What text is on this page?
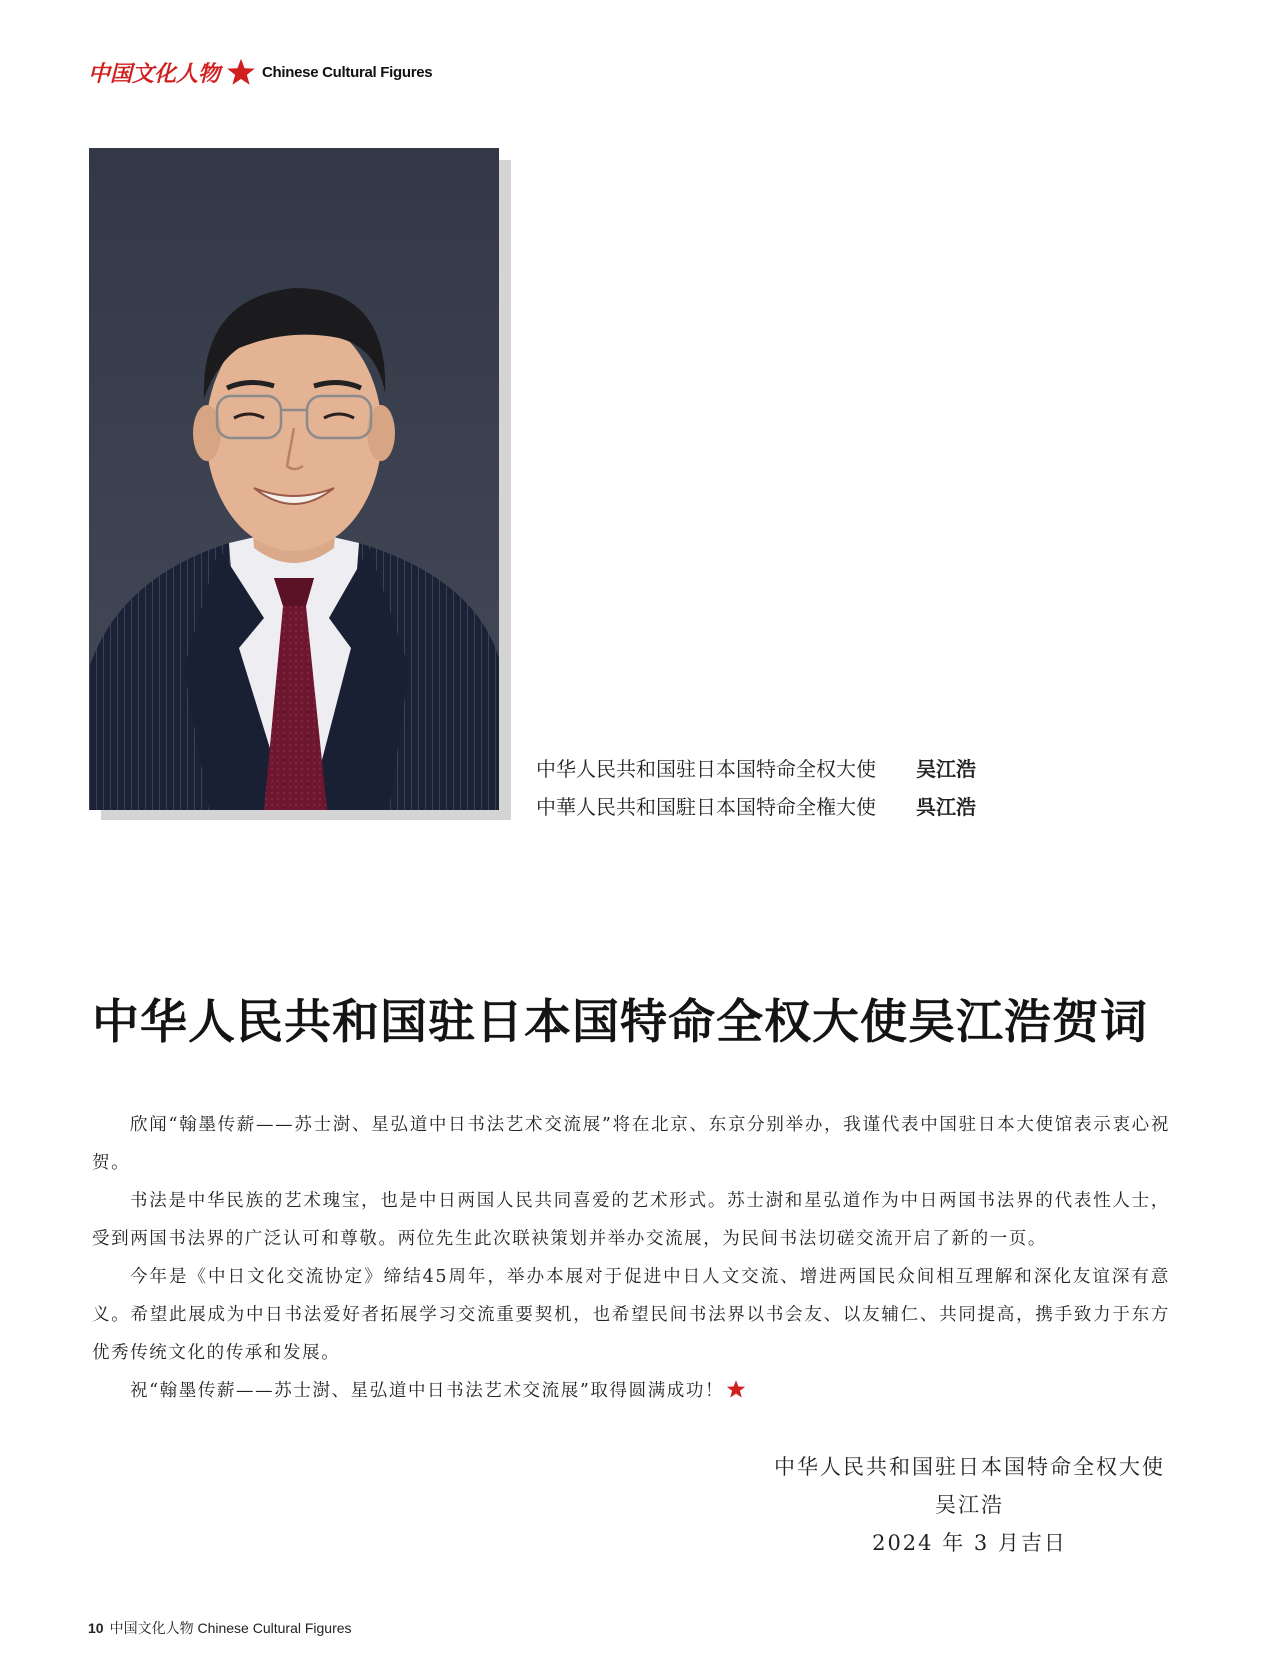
中国文化人物	Chinese Cultural Figures
中华人民共和国驻日本国特命全权大使	吴江浩
中華人民共和国駐日本国特命全権大使	呉江浩
中华人民共和国驻日本国特命全权大使吴江浩贺词

欣闻“翰墨传薪——苏士澍、星弘道中日书法艺术交流展”将在北京、东京分别举办，我谨代表中国驻日本大使馆表示衷心祝贺。

书法是中华民族的艺术瑰宝，也是中日两国人民共同喜爱的艺术形式。苏士澍和星弘道作为中日两国书法界的代表性人士，受到两国书法界的广泛认可和尊敬。两位先生此次联袂策划并举办交流展，为民间书法切磋交流开启了新的一页。

今年是《中日文化交流协定》缔结45周年，举办本展对于促进中日人文交流、增进两国民众间相互理解和深化友谊深有意义。希望此展成为中日书法爱好者拓展学习交流重要契机，也希望民间书法界以书会友、以友辅仁、共同提高，携手致力于东方优秀传统文化的传承和发展。

祝“翰墨传薪——苏士澍、星弘道中日书法艺术交流展”取得圆满成功！

中华人民共和国驻日本国特命全权大使
吴江浩
2024 年 3 月吉日
10 中国文化人物 Chinese Cultural Figures
